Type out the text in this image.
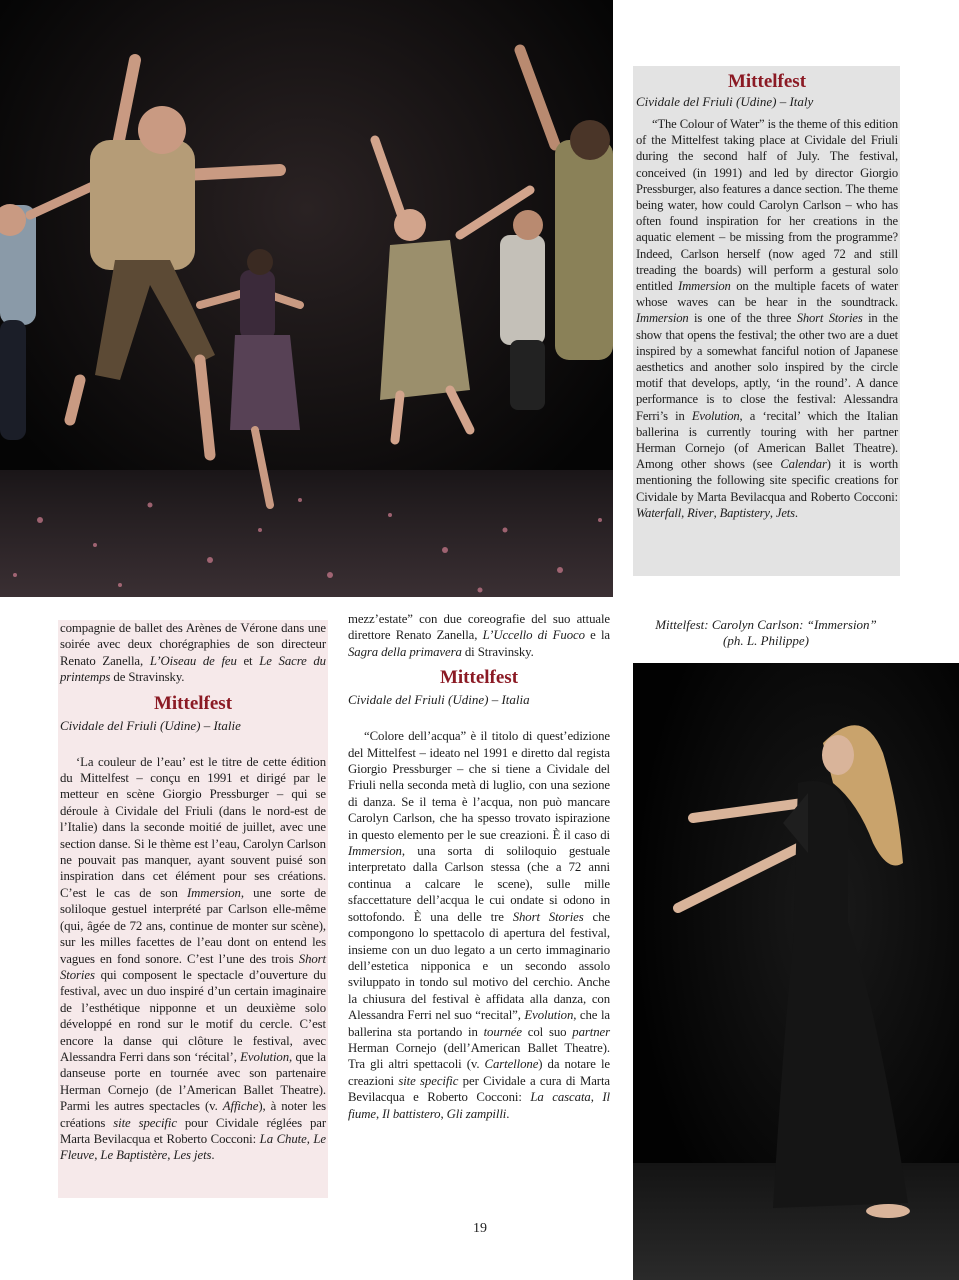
Mittelfest

Cividale del Friuli (Udine) – Italy

“The Colour of Water” is the theme of this edition of the Mittelfest taking place at Cividale del Friuli during the second half of July. The festival, conceived (in 1991) and led by director Giorgio Pressburger, also features a dance section. The theme being water, how could Carolyn Carlson – who has often found inspiration for her creations in the aquatic element – be missing from the programme? Indeed, Carlson herself (now aged 72 and still treading the boards) will perform a gestural solo entitled Immersion on the multiple facets of water whose waves can be hear in the soundtrack. Immersion is one of the three Short Stories in the show that opens the festival; the other two are a duet inspired by a somewhat fanciful notion of Japanese aesthetics and another solo inspired by the circle motif that develops, aptly, ‘in the round’. A dance performance is to close the festival: Alessandra Ferri’s in Evolution, a ‘recital’ which the Italian ballerina is currently touring with her partner Herman Cornejo (of American Ballet Theatre). Among other shows (see Calendar) it is worth mentioning the following site specific creations for Cividale by Marta Bevilacqua and Roberto Cocconi: Waterfall, River, Baptistery, Jets.

compagnie de ballet des Arènes de Vérone dans une soirée avec deux chorégraphies de son directeur Renato Zanella, L’Oiseau de feu et Le Sacre du printemps de Stravinsky.

Mittelfest

Cividale del Friuli (Udine) – Italie

‘La couleur de l’eau’ est le titre de cette édition du Mittelfest – conçu en 1991 et dirigé par le metteur en scène Giorgio Pressburger – qui se déroule à Cividale del Friuli (dans le nord-est de l’Italie) dans la seconde moitié de juillet, avec une section danse. Si le thème est l’eau, Carolyn Carlson ne pouvait pas manquer, ayant souvent puisé son inspiration dans cet élément pour ses créations. C’est le cas de son Immersion, une sorte de soliloque gestuel interprété par Carlson elle-même (qui, âgée de 72 ans, continue de monter sur scène), sur les milles facettes de l’eau dont on entend les vagues en fond sonore. C’est l’une des trois Short Stories qui composent le spectacle d’ouverture du festival, avec un duo inspiré d’un certain imaginaire de l’esthétique nipponne et un deuxième solo développé en rond sur le motif du cercle. C’est encore la danse qui clôture le festival, avec Alessandra Ferri dans son ‘récital’, Evolution, que la danseuse porte en tournée avec son partenaire Herman Cornejo (de l’American Ballet Theatre). Parmi les autres spectacles (v. Affiche), à noter les créations site specific pour Cividale réglées par Marta Bevilacqua et Roberto Cocconi: La Chute, Le Fleuve, Le Baptistère, Les jets.

mezz’estate” con due coreografie del suo attuale direttore Renato Zanella, L’Uccello di Fuoco e la Sagra della primavera di Stravinsky.

Mittelfest

Cividale del Friuli (Udine) – Italia

“Colore dell’acqua” è il titolo di quest’edizione del Mittelfest – ideato nel 1991 e diretto dal regista Giorgio Pressburger – che si tiene a Cividale del Friuli nella seconda metà di luglio, con una sezione di danza. Se il tema è l’acqua, non può mancare Carolyn Carlson, che ha spesso trovato ispirazione in questo elemento per le sue creazioni. È il caso di Immersion, una sorta di soliloquio gestuale interpretato dalla Carlson stessa (che a 72 anni continua a calcare le scene), sulle mille sfaccettature dell’acqua le cui ondate si odono in sottofondo. È una delle tre Short Stories che compongono lo spettacolo di apertura del festival, insieme con un duo legato a un certo immaginario dell’estetica nipponica e un secondo assolo sviluppato in tondo sul motivo del cerchio. Anche la chiusura del festival è affidata alla danza, con Alessandra Ferri nel suo “recital”, Evolution, che la ballerina sta portando in tournée col suo partner Herman Cornejo (dell’American Ballet Theatre). Tra gli altri spettacoli (v. Cartellone) da notare le creazioni site specific per Cividale a cura di Marta Bevilacqua e Roberto Cocconi: La cascata, Il fiume, Il battistero, Gli zampilli.

Mittelfest: Carolyn Carlson: “Immersion”
(ph. L. Philippe)
19
